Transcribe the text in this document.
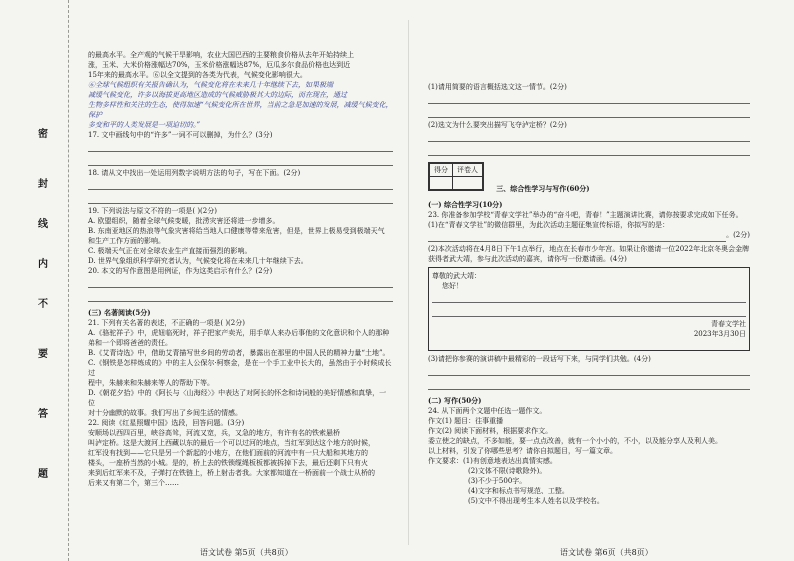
密
封
线
内
不
要
答
题

的最高水平。全产观的气候干旱影响，农业大国巴西的主要粮食价格从去年开始持续上

涨，玉米、大米价格涨幅达70%，玉米价格涨幅达87%，厄瓜多尔食品价格也达到近

15年来的最高水平。⑥以全文提到的各类为代表，气候变化影响很大。

⑥全球气候组织有关报告确认为，气候变化将在未来几十年继续下去，如果极端

减缓气候变化，许多以海拔更高地区造成的气候威胁极其大的边际，而在现在，通过

生物多样性和关注的生态，使得加速“气候变化所在世界，当前之急是加速的发展，减缓气候变化，保护

多变和平的人类发展是一项迫切的。”

17. 文中画线句中的“许多”一词不可以删掉，为什么？(3分)

18. 请从文中找出一处运用列数字说明方法的句子，写在下面。(2分)

19. 下列说法与原文不符的一项是( )(2分)

A. 欧盟组织，随着全球气候变暖，批涝灾害还将进一步增多。

B. 东南亚地区的热浪等气象灾害将给当地人口健康等带来危害，但是，世界上极易受到极端天气

和生产工作方面的影响。

C. 极端天气正在对全球农业生产直接而强烈的影响。

D. 世界气象组织科学研究者认为，气候变化将在未来几十年继续下去。

20. 本文的写作意图是用例证，作为这类启示有什么？(2分)

(三) 名著阅读(5分)

21. 下列有关名著的表述，不正确的一项是( )(2分)

A.《骆驼祥子》中，虎妞临死时，祥子把家产卖光，用手草人来办后事他的文化意识和个人的那种

弟和一个即将爸爸的责任。

B.《艾青诗选》中，借助艾青描写世乡间的劳动者，暴露出在那里的中国人民的精神力量“土地”。

C.《钢铁是怎样炼成的》中的主人公保尔·柯察金，是在一个手工业中长大的，虽然由于小时候成长过

程中，朱赫来和朱赫来等人的帮助下等。

D.《朝花夕拾》中的《阿长与〈山海经〉》中表达了对阿长的怀念和诗词般的美好情感和真挚，一位

对十分幽默的故事。我们写出了乡间生活的情感。

22. 阅读《红星照耀中国》选段，回答问题。(3分)

安顺场以西四百里，峡谷高耸，河流又宽，兵，又急的地方，有许有名的铁索悬桥

叫泸定桥。这是大渡河上西藏以东的最后一个可以过河的地点，当红军到达这个地方的时候，

红军没有找到——它只是另一个新起的小地方，在他们面前的河流中有一只大船和其地方的

楼头，一座桥当然的小城。是的，桥上去的铁锁缆绳板板都被拆掉下去，最后还剩下只有火

来到后红军来不及，子弹打在铁链上，桥上射击者我。大家都知道在一桥面前一个战士从桥的

后来又有第二个，第三个……

语文试卷 第5页（共8页）

(1)请用简要的语言概括选文这一情节。(2分)

(2)选文为什么要突出描写飞夺泸定桥？(2分)

得分	评卷人
	三、综合性学习与写作(60分)

(一) 综合性学习(10分)

23. 你准备参加学校“青春文学社”举办的“奋斗吧，青春！”主题演讲比赛，请你按要求完成如下任务。

(1)在“青春文学社”的微信群里，为此次活动主题征集宣传标语，你拟写的是：

。(2分)

(2)本次活动将在4月8日下午1点举行，地点在长春市少年宫。如果让你邀请一位2022年北京冬奥会金牌获得者武大靖，参与此次活动的嘉宾，请你写一份邀请函。(4分)

尊敬的武大靖：
您好！
青春文学社
2023年3月30日

(3)请把你参赛的演讲稿中最精彩的一段话写下来，与同学们共勉。(4分)

(二) 写作(50分)

24. 从下面两个文题中任选一题作文。

作文(1) 题目：往事重播

作文(2) 阅读下面材料，根据要求作文。

委立使之的缺点，不多如能，要一点点改善，就有一个小小的，不小，以及能分享人及利人美。

以上材料，引发了你哪些思考？请你自拟题目，写一篇文章。

作文要求：(1)有创意地表达出真情实感。

(2)文体不限(诗歌除外)。

(3)不少于500字。

(4)文字和标点书写规范、工整。

(5)文中不得出现考生本人姓名以及学校名。

语文试卷 第6页（共8页）
